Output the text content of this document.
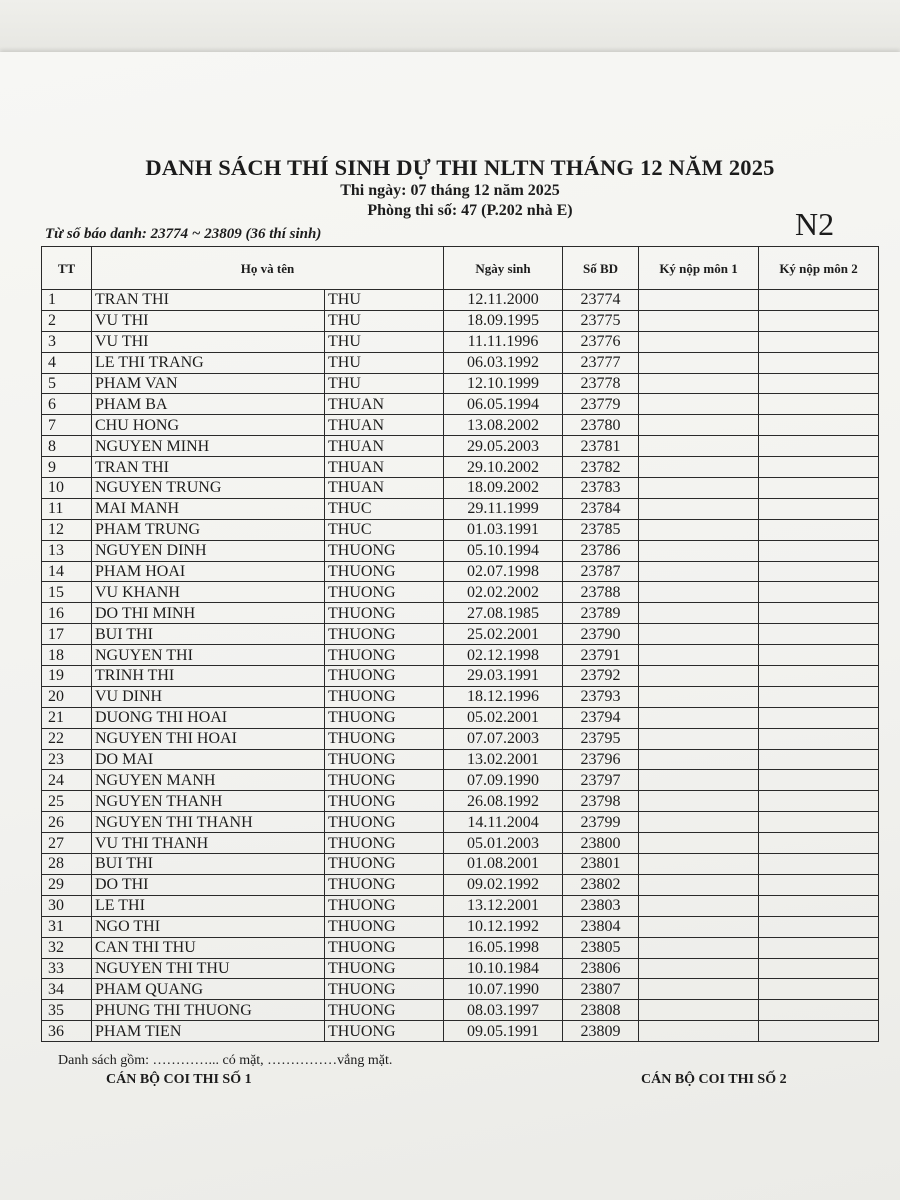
DANH SÁCH THÍ SINH DỰ THI NLTN THÁNG 12 NĂM 2025
Thi ngày: 07 tháng 12 năm 2025
Phòng thi số: 47 (P.202 nhà E)
Từ số báo danh: 23774 ~ 23809 (36 thí sinh)	N2
TT	Họ và tên		Ngày sinh	Số BD	Ký nộp môn 1	Ký nộp môn 2
1	TRAN THI	THU	12.11.2000	23774		
2	VU THI	THU	18.09.1995	23775		
3	VU THI	THU	11.11.1996	23776		
4	LE THI TRANG	THU	06.03.1992	23777		
5	PHAM VAN	THU	12.10.1999	23778		
6	PHAM BA	THUAN	06.05.1994	23779		
7	CHU HONG	THUAN	13.08.2002	23780		
8	NGUYEN MINH	THUAN	29.05.2003	23781		
9	TRAN THI	THUAN	29.10.2002	23782		
10	NGUYEN TRUNG	THUAN	18.09.2002	23783		
11	MAI MANH	THUC	29.11.1999	23784		
12	PHAM TRUNG	THUC	01.03.1991	23785		
13	NGUYEN DINH	THUONG	05.10.1994	23786		
14	PHAM HOAI	THUONG	02.07.1998	23787		
15	VU KHANH	THUONG	02.02.2002	23788		
16	DO THI MINH	THUONG	27.08.1985	23789		
17	BUI THI	THUONG	25.02.2001	23790		
18	NGUYEN THI	THUONG	02.12.1998	23791		
19	TRINH THI	THUONG	29.03.1991	23792		
20	VU DINH	THUONG	18.12.1996	23793		
21	DUONG THI HOAI	THUONG	05.02.2001	23794		
22	NGUYEN THI HOAI	THUONG	07.07.2003	23795		
23	DO MAI	THUONG	13.02.2001	23796		
24	NGUYEN MANH	THUONG	07.09.1990	23797		
25	NGUYEN THANH	THUONG	26.08.1992	23798		
26	NGUYEN THI THANH	THUONG	14.11.2004	23799		
27	VU THI THANH	THUONG	05.01.2003	23800		
28	BUI THI	THUONG	01.08.2001	23801		
29	DO THI	THUONG	09.02.1992	23802		
30	LE THI	THUONG	13.12.2001	23803		
31	NGO THI	THUONG	10.12.1992	23804		
32	CAN THI THU	THUONG	16.05.1998	23805		
33	NGUYEN THI THU	THUONG	10.10.1984	23806		
34	PHAM QUANG	THUONG	10.07.1990	23807		
35	PHUNG THI THUONG	THUONG	08.03.1997	23808		
36	PHAM TIEN	THUONG	09.05.1991	23809		
Danh sách gồm: …………... có mặt, ……………vắng mặt.
CÁN BỘ COI THI SỐ 1	CÁN BỘ COI THI SỐ 2
